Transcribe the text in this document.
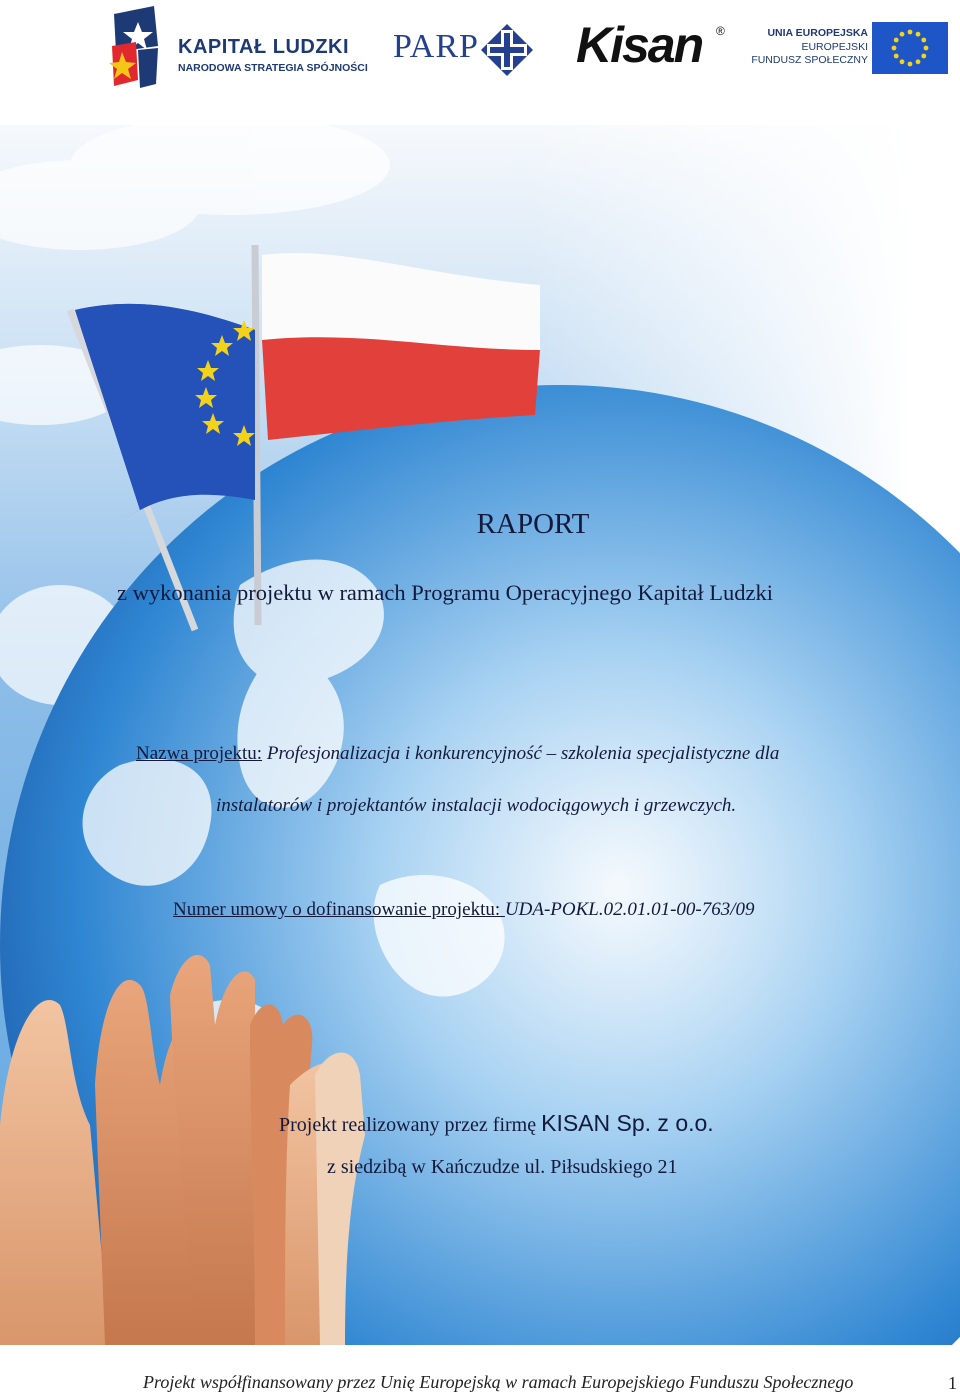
KAPITAŁ LUDZKI
NARODOWA STRATEGIA SPÓJNOŚCI
PARP Kisan ®	UNIA EUROPEJSKA
EUROPEJSKI
FUNDUSZ SPOŁECZNY
RAPORT
z wykonania projektu w ramach Programu Operacyjnego Kapitał Ludzki
Nazwa projektu: Profesjonalizacja i konkurencyjność – szkolenia specjalistyczne dla
instalatorów i projektantów instalacji wodociągowych i grzewczych.
Numer umowy o dofinansowanie projektu: UDA-POKL.02.01.01-00-763/09
Projekt realizowany przez firmę KISAN Sp. z o.o.
z siedzibą w Kańczudze ul. Piłsudskiego 21
Projekt współfinansowany przez Unię Europejską w ramach Europejskiego Funduszu Społecznego	1
